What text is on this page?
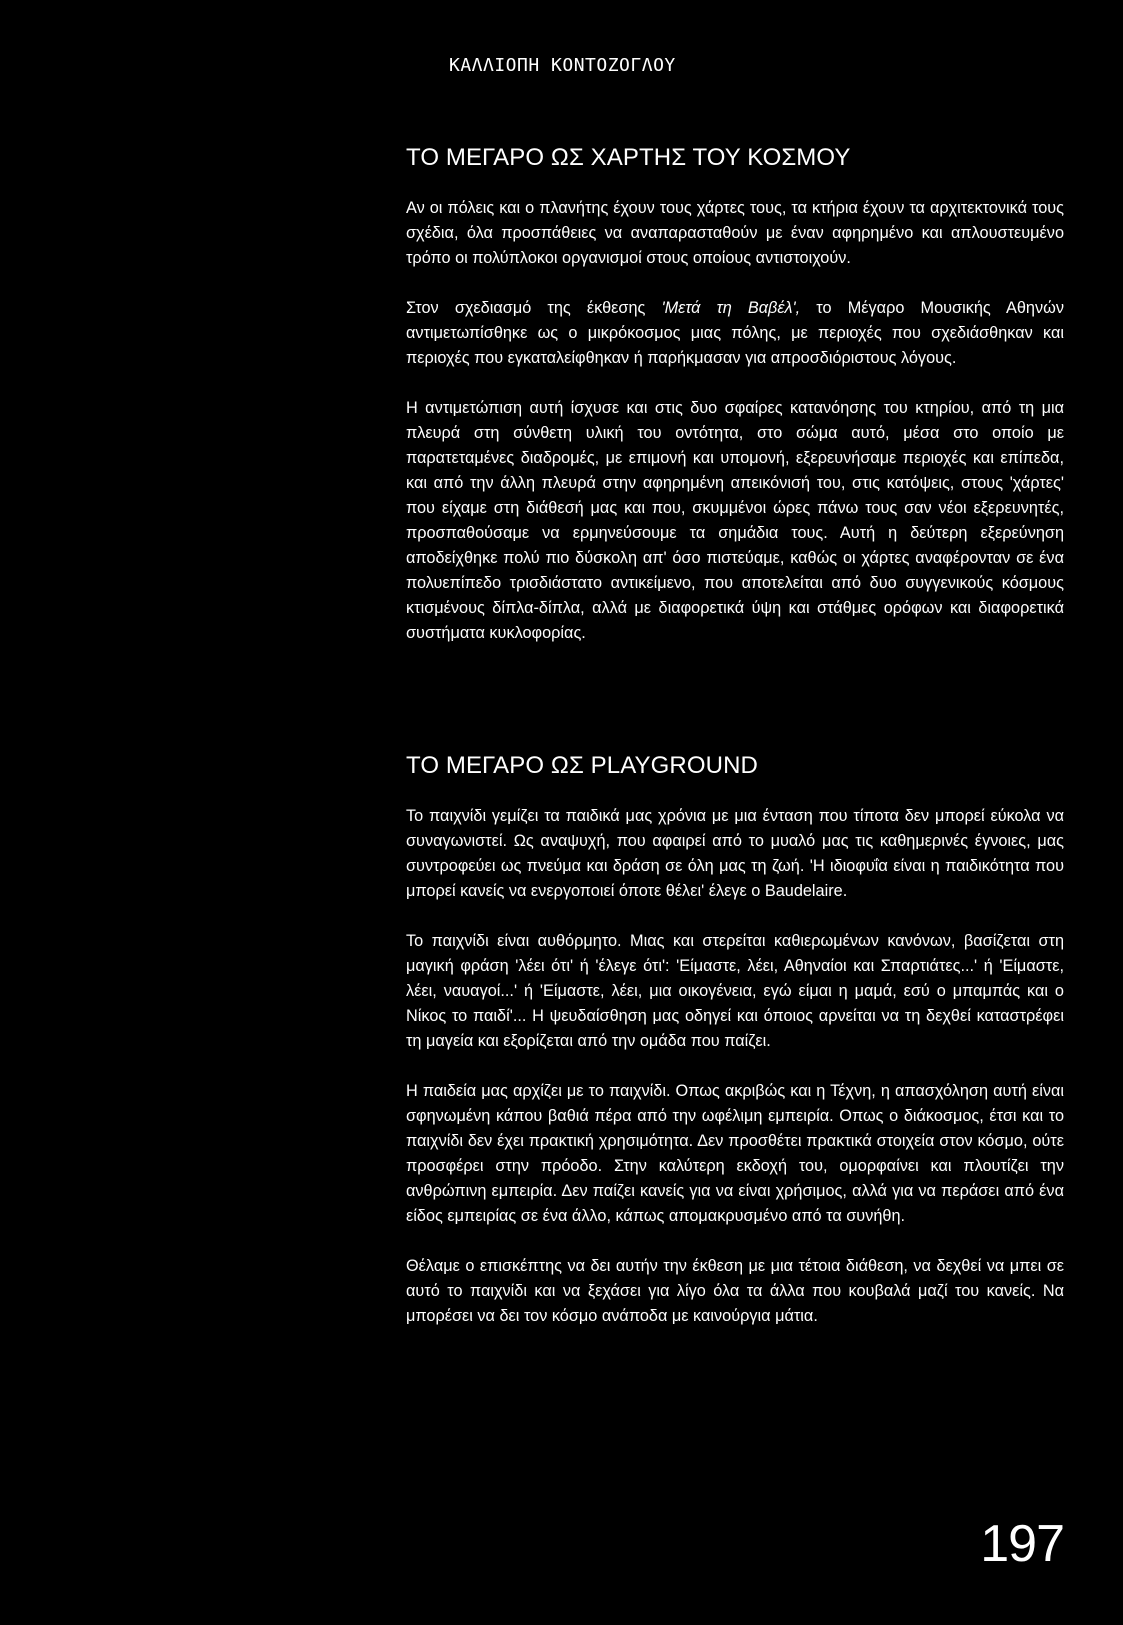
ΚΑΛΛΙΟΠΗ ΚΟΝΤΟΖΟΓΛΟΥ
ΤΟ ΜΕΓΑΡΟ ΩΣ ΧΑΡΤΗΣ ΤΟΥ ΚΟΣΜΟΥ

Αν οι πόλεις και ο πλανήτης έχουν τους χάρτες τους, τα κτήρια έχουν τα αρχιτεκτονικά τους σχέδια, όλα προσπάθειες να αναπαρασταθούν με έναν αφηρημένο και απλουστευμένο τρόπο οι πολύπλοκοι οργανισμοί στους οποίους αντιστοιχούν.

Στον σχεδιασμό της έκθεσης 'Μετά τη Βαβέλ', το Μέγαρο Μουσικής Αθηνών αντιμετωπίσθηκε ως ο μικρόκοσμος μιας πόλης, με περιοχές που σχεδιάσθηκαν και περιοχές που εγκαταλείφθηκαν ή παρήκμασαν για απροσδιόριστους λόγους.

Η αντιμετώπιση αυτή ίσχυσε και στις δυο σφαίρες κατανόησης του κτηρίου, από τη μια πλευρά στη σύνθετη υλική του οντότητα, στο σώμα αυτό, μέσα στο οποίο με παρατεταμένες διαδρομές, με επιμονή και υπομονή, εξερευνήσαμε περιοχές και επίπεδα, και από την άλλη πλευρά στην αφηρημένη απεικόνισή του, στις κατόψεις, στους 'χάρτες' που είχαμε στη διάθεσή μας και που, σκυμμένοι ώρες πάνω τους σαν νέοι εξερευνητές, προσπαθούσαμε να ερμηνεύσουμε τα σημάδια τους. Αυτή η δεύτερη εξερεύνηση αποδείχθηκε πολύ πιο δύσκολη απ' όσο πιστεύαμε, καθώς οι χάρτες αναφέρονταν σε ένα πολυεπίπεδο τρισδιάστατο αντικείμενο, που αποτελείται από δυο συγγενικούς κόσμους κτισμένους δίπλα-δίπλα, αλλά με διαφορετικά ύψη και στάθμες ορόφων και διαφορετικά συστήματα κυκλοφορίας.

ΤΟ ΜΕΓΑΡΟ ΩΣ PLAYGROUND

Το παιχνίδι γεμίζει τα παιδικά μας χρόνια με μια ένταση που τίποτα δεν μπορεί εύκολα να συναγωνιστεί. Ως αναψυχή, που αφαιρεί από το μυαλό μας τις καθημερινές έγνοιες, μας συντροφεύει ως πνεύμα και δράση σε όλη μας τη ζωή. 'Η ιδιοφυΐα είναι η παιδικότητα που μπορεί κανείς να ενεργοποιεί όποτε θέλει' έλεγε ο Baudelaire.

Το παιχνίδι είναι αυθόρμητο. Μιας και στερείται καθιερωμένων κανόνων, βασίζεται στη μαγική φράση 'λέει ότι' ή 'έλεγε ότι': 'Είμαστε, λέει, Αθηναίοι και Σπαρτιάτες...' ή 'Είμαστε, λέει, ναυαγοί...' ή 'Είμαστε, λέει, μια οικογένεια, εγώ είμαι η μαμά, εσύ ο μπαμπάς και ο Νίκος το παιδί'... Η ψευδαίσθηση μας οδηγεί και όποιος αρνείται να τη δεχθεί καταστρέφει τη μαγεία και εξορίζεται από την ομάδα που παίζει.

Η παιδεία μας αρχίζει με το παιχνίδι. Οπως ακριβώς και η Τέχνη, η απασχόληση αυτή είναι σφηνωμένη κάπου βαθιά πέρα από την ωφέλιμη εμπειρία. Οπως ο διάκοσμος, έτσι και το παιχνίδι δεν έχει πρακτική χρησιμότητα. Δεν προσθέτει πρακτικά στοιχεία στον κόσμο, ούτε προσφέρει στην πρόοδο. Στην καλύτερη εκδοχή του, ομορφαίνει και πλουτίζει την ανθρώπινη εμπειρία. Δεν παίζει κανείς για να είναι χρήσιμος, αλλά για να περάσει από ένα είδος εμπειρίας σε ένα άλλο, κάπως απομακρυσμένο από τα συνήθη.

Θέλαμε ο επισκέπτης να δει αυτήν την έκθεση με μια τέτοια διάθεση, να δεχθεί να μπει σε αυτό το παιχνίδι και να ξεχάσει για λίγο όλα τα άλλα που κουβαλά μαζί του κανείς. Να μπορέσει να δει τον κόσμο ανάποδα με καινούργια μάτια.

197
